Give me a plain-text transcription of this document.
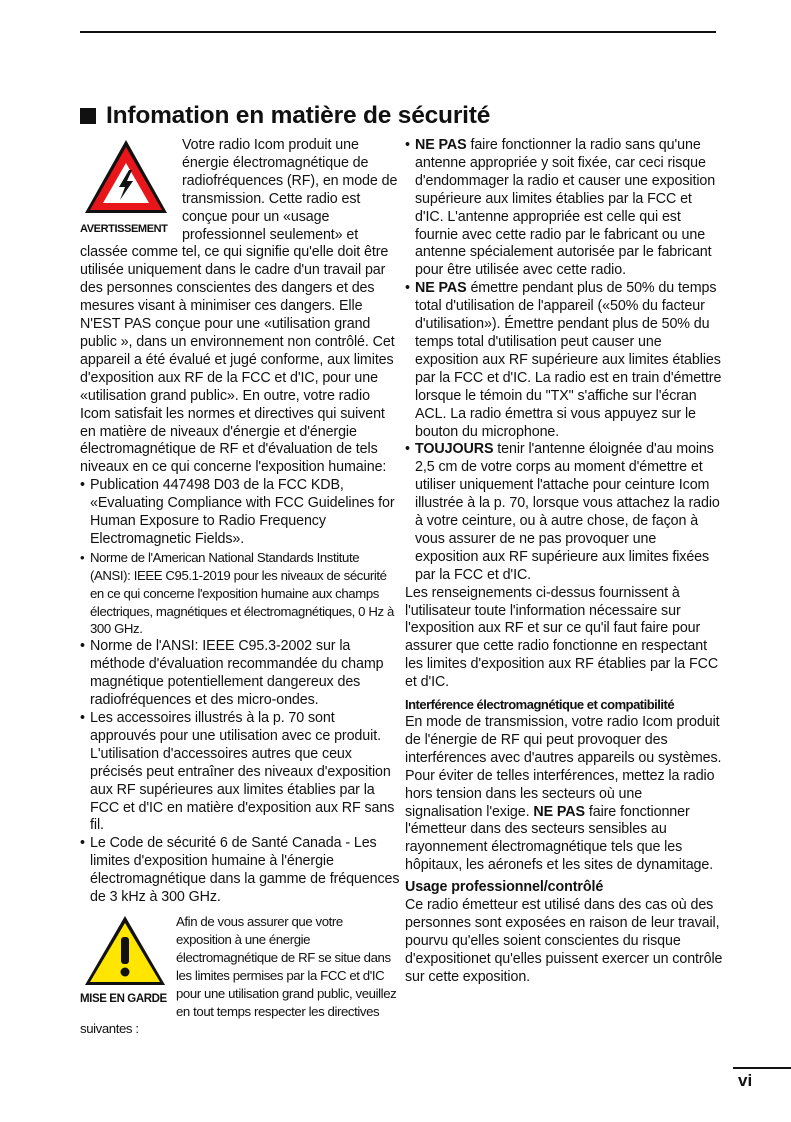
Infomation en matière de sécurité
AVERTISSEMENT

Votre radio Icom produit une énergie électromagnétique de radiofréquences (RF), en mode de transmission. Cette radio est conçue pour un «usage professionnel seulement» et classée comme tel, ce qui signifie qu'elle doit être utilisée uniquement dans le cadre d'un travail par des personnes conscientes des dangers et des mesures visant à minimiser ces dangers. Elle N'EST PAS conçue pour une «utilisation grand public », dans un environnement non contrôlé. Cet appareil a été évalué et jugé conforme, aux limites d'exposition aux RF de la FCC et d'IC, pour une «utilisation grand public». En outre, votre radio Icom satisfait les normes et directives qui suivent en matière de niveaux d'énergie et d'énergie électromagnétique de RF et d'évaluation de tels niveaux en ce qui concerne l'exposition humaine:

• Publication 447498 D03 de la FCC KDB, «Evaluating Compliance with FCC Guidelines for Human Exposure to Radio Frequency Electromagnetic Fields».
• Norme de l'American National Standards Institute (ANSI): IEEE C95.1-2019 pour les niveaux de sécurité en ce qui concerne l'exposition humaine aux champs électriques, magnétiques et électromagnétiques, 0 Hz à 300 GHz.
• Norme de l'ANSI: IEEE C95.3-2002 sur la méthode d'évaluation recommandée du champ magnétique potentiellement dangereux des radiofréquences et des micro-ondes.
• Les accessoires illustrés à la p. 70 sont approuvés pour une utilisation avec ce produit. L'utilisation d'accessoires autres que ceux précisés peut entraîner des niveaux d'exposition aux RF supérieures aux limites établies par la FCC et d'IC en matière d'exposition aux RF sans fil.
• Le Code de sécurité 6 de Santé Canada - Les limites d'exposition humaine à l'énergie électromagnétique dans la gamme de fréquences de 3 kHz à 300 GHz.
MISE EN GARDE

Afin de vous assurer que votre exposition à une énergie électromagnétique de RF se situe dans les limites permises par la FCC et d'IC pour une utilisation grand public, veuillez en tout temps respecter les directives suivantes :

• NE PAS faire fonctionner la radio sans qu'une antenne appropriée y soit fixée, car ceci risque d'endommager la radio et causer une exposition supérieure aux limites établies par la FCC et d'IC. L'antenne appropriée est celle qui est fournie avec cette radio par le fabricant ou une antenne spécialement autorisée par le fabricant pour être utilisée avec cette radio.
• NE PAS émettre pendant plus de 50% du temps total d'utilisation de l'appareil («50% du facteur d'utilisation»). Émettre pendant plus de 50% du temps total d'utilisation peut causer une exposition aux RF supérieure aux limites établies par la FCC et d'IC. La radio est en train d'émettre lorsque le témoin du "TX" s'affiche sur l'écran ACL. La radio émettra si vous appuyez sur le bouton du microphone.
• TOUJOURS tenir l'antenne éloignée d'au moins 2,5 cm de votre corps au moment d'émettre et utiliser uniquement l'attache pour ceinture Icom illustrée à la p. 70, lorsque vous attachez la radio à votre ceinture, ou à autre chose, de façon à vous assurer de ne pas provoquer une exposition aux RF supérieure aux limites fixées par la FCC et d'IC.

Les renseignements ci-dessus fournissent à l'utilisateur toute l'information nécessaire sur l'exposition aux RF et sur ce qu'il faut faire pour assurer que cette radio fonctionne en respectant les limites d'exposition aux RF établies par la FCC et d'IC.

Interférence électromagnétique et compatibilité

En mode de transmission, votre radio Icom produit de l'énergie de RF qui peut provoquer des interférences avec d'autres appareils ou systèmes. Pour éviter de telles interférences, mettez la radio hors tension dans les secteurs où une signalisation l'exige. NE PAS faire fonctionner l'émetteur dans des secteurs sensibles au rayonnement électromagnétique tels que les hôpitaux, les aéronefs et les sites de dynamitage.

Usage professionnel/contrôlé

Ce radio émetteur est utilisé dans des cas où des personnes sont exposées en raison de leur travail, pourvu qu'elles soient conscientes du risque d'expositionet qu'elles puissent exercer un contrôle sur cette exposition.

vi
